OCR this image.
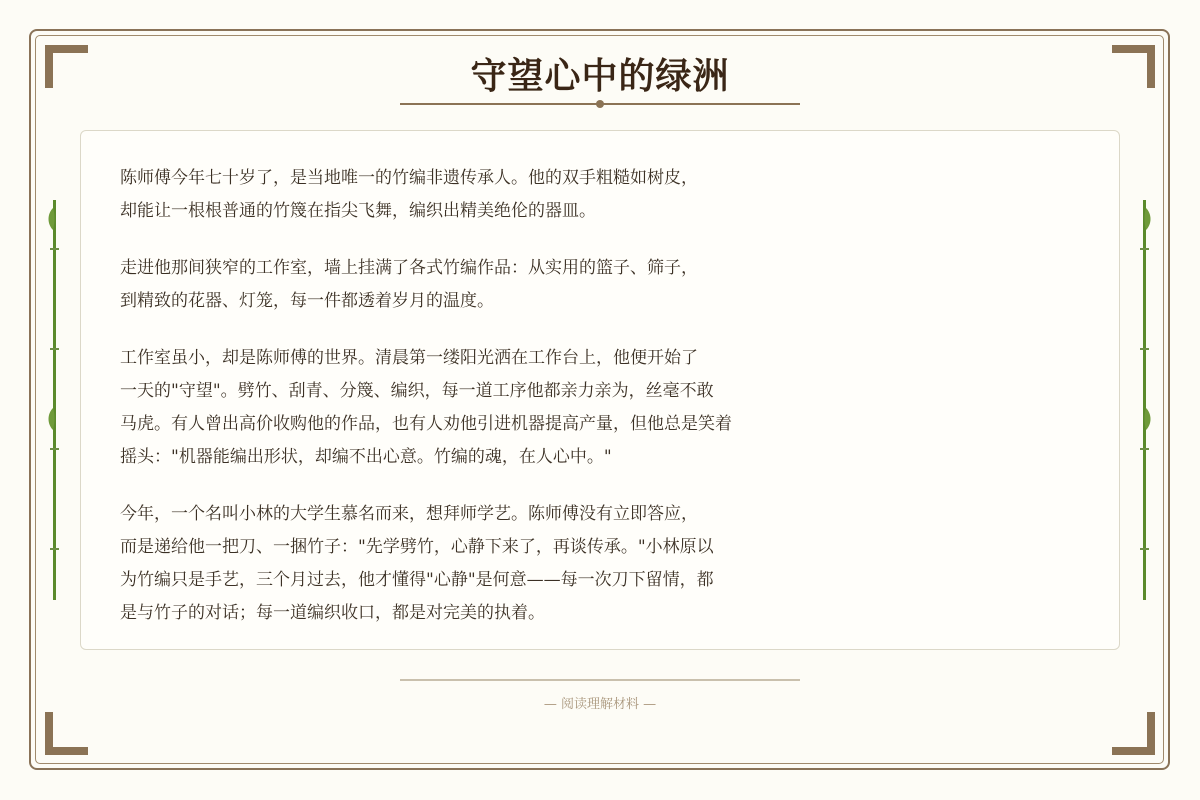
守望心中的绿洲

陈师傅今年七十岁了，是当地唯一的竹编非遗传承人。他的双手粗糙如树皮，
却能让一根根普通的竹篾在指尖飞舞，编织出精美绝伦的器皿。

走进他那间狭窄的工作室，墙上挂满了各式竹编作品：从实用的篮子、筛子，
到精致的花器、灯笼，每一件都透着岁月的温度。

工作室虽小，却是陈师傅的世界。清晨第一缕阳光洒在工作台上，他便开始了
一天的"守望"。劈竹、刮青、分篾、编织，每一道工序他都亲力亲为，丝毫不敢
马虎。有人曾出高价收购他的作品，也有人劝他引进机器提高产量，但他总是笑着
摇头："机器能编出形状，却编不出心意。竹编的魂，在人心中。"

今年，一个名叫小林的大学生慕名而来，想拜师学艺。陈师傅没有立即答应，
而是递给他一把刀、一捆竹子："先学劈竹，心静下来了，再谈传承。"小林原以
为竹编只是手艺，三个月过去，他才懂得"心静"是何意——每一次刀下留情，都
是与竹子的对话；每一道编织收口，都是对完美的执着。

— 阅读理解材料 —
